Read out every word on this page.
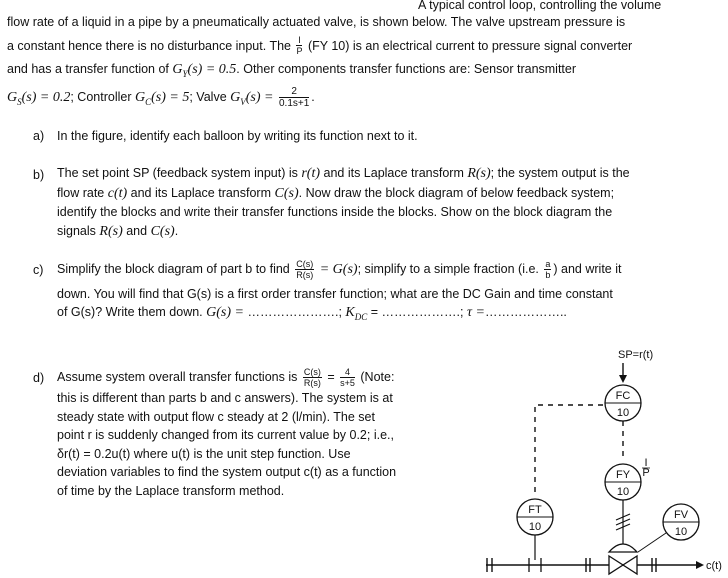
A typical control loop, controlling the volume
flow rate of a liquid in a pipe by a pneumatically actuated valve, is shown below. The valve upstream pressure is
a constant hence there is no disturbance input. The $\frac{I}{P} (FY$ 10) is an electrical current to pressure signal converter
and has a transfer function of $G_Y(s) = 0.5$. Other components transfer functions are: Sensor transmitter
$G_S(s) = 0.2$; Controller $G_C(s) = 5$; Valve $G_V(s) = \frac{2}{0.1s+1}$ .
a) In the figure, identify each balloon by writing its function next to it.
b) The set point SP (feedback system input) is r(t) and its Laplace transform R(s); the system output is the
flow rate c(t) and its Laplace transform C(s). Now draw the block diagram of below feedback system;
identify the blocks and write their transfer functions inside the blocks. Show on the block diagram the
signals R(s) and C(s).
c) Simplify the block diagram of part b to find $\frac{C(s)}{R(s)} = G(s)$; simplify to a simple fraction (i.e. $\frac{a}{b}$ ) and write it
down. You will find that G(s) is a first order transfer function; what are the DC Gain and time constant
of G(s)? Write them down. G(s) = ………………….; $K_{DC}$ = ……………….; τ =………………..
d) Assume system overall transfer functions is $\frac{C(s)}{R(s)} = \frac{4}{s+5}$ (Note:
this is different than parts b and c answers). The system is at
steady state with output flow c steady at 2 (l/min). The set
point r is suddenly changed from its current value by 0.2; i.e.,
δr(t) = 0.2u(t) where u(t) is the unit step function. Use
deviation variables to find the system output c(t) as a function
of time by the Laplace transform method.
SP=r(t)
FC
10
FY
10
I
P
FT
10
FV
10
c(t)
